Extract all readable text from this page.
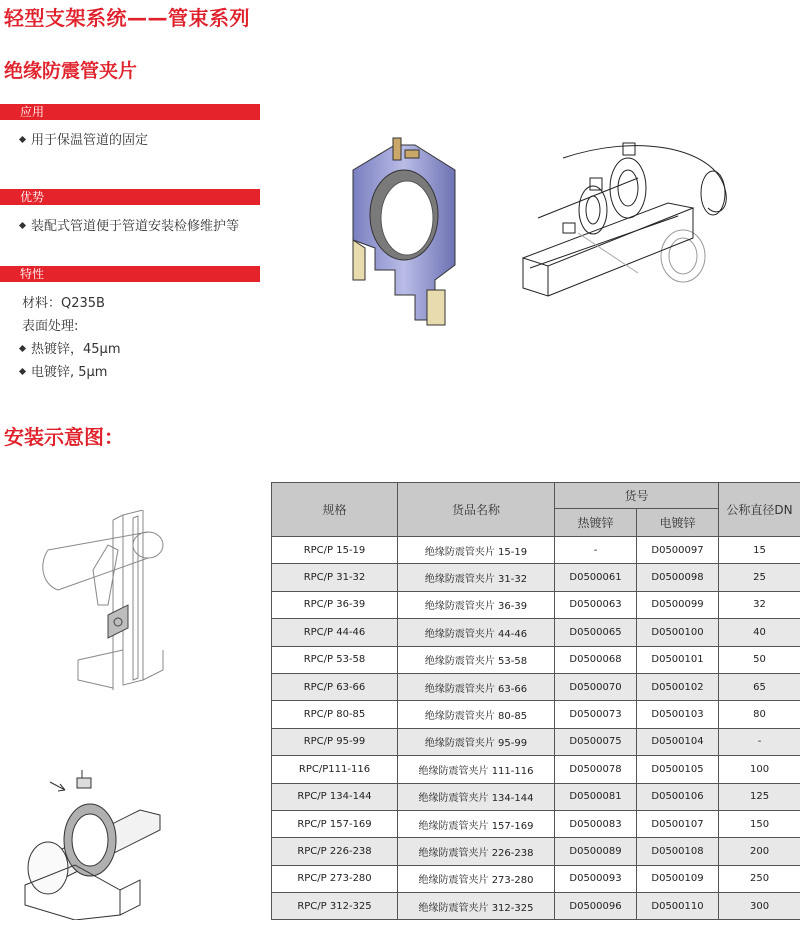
轻型支架系统——管束系列
绝缘防震管夹片
应用
用于保温管道的固定
优势
装配式管道便于管道安装检修维护等
特性
材料：Q235B
表面处理:
热镀锌，45μm
电镀锌, 5μm
安装示意图：
规格	货品名称	货号		公称直径DN
		热镀锌	电镀锌	
RPC/P 15-19	绝缘防震管夹片 15-19	-	D0500097	15
RPC/P 31-32	绝缘防震管夹片 31-32	D0500061	D0500098	25
RPC/P 36-39	绝缘防震管夹片 36-39	D0500063	D0500099	32
RPC/P 44-46	绝缘防震管夹片 44-46	D0500065	D0500100	40
RPC/P 53-58	绝缘防震管夹片 53-58	D0500068	D0500101	50
RPC/P 63-66	绝缘防震管夹片 63-66	D0500070	D0500102	65
RPC/P 80-85	绝缘防震管夹片 80-85	D0500073	D0500103	80
RPC/P 95-99	绝缘防震管夹片 95-99	D0500075	D0500104	-
RPC/P111-116	绝缘防震管夹片 111-116	D0500078	D0500105	100
RPC/P 134-144	绝缘防震管夹片 134-144	D0500081	D0500106	125
RPC/P 157-169	绝缘防震管夹片 157-169	D0500083	D0500107	150
RPC/P 226-238	绝缘防震管夹片 226-238	D0500089	D0500108	200
RPC/P 273-280	绝缘防震管夹片 273-280	D0500093	D0500109	250
RPC/P 312-325	绝缘防震管夹片 312-325	D0500096	D0500110	300
